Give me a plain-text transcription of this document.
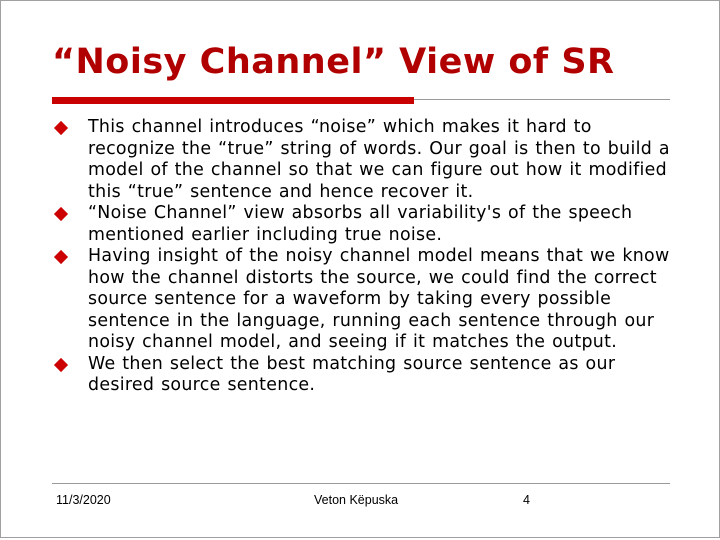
“Noisy Channel” View of SR
This channel introduces “noise” which makes it hard to recognize the “true” string of words. Our goal is then to build a model of the channel so that we can figure out how it modified this “true” sentence and hence recover it.
“Noise Channel” view absorbs all variability's of the speech mentioned earlier including true noise.
Having insight of the noisy channel model means that we know how the channel distorts the source, we could find the correct source sentence for a waveform by taking every possible sentence in the language, running each sentence through our noisy channel model, and seeing if it matches the output.
We then select the best matching source sentence as our desired source sentence.
11/3/2020	Veton Këpuska	4
